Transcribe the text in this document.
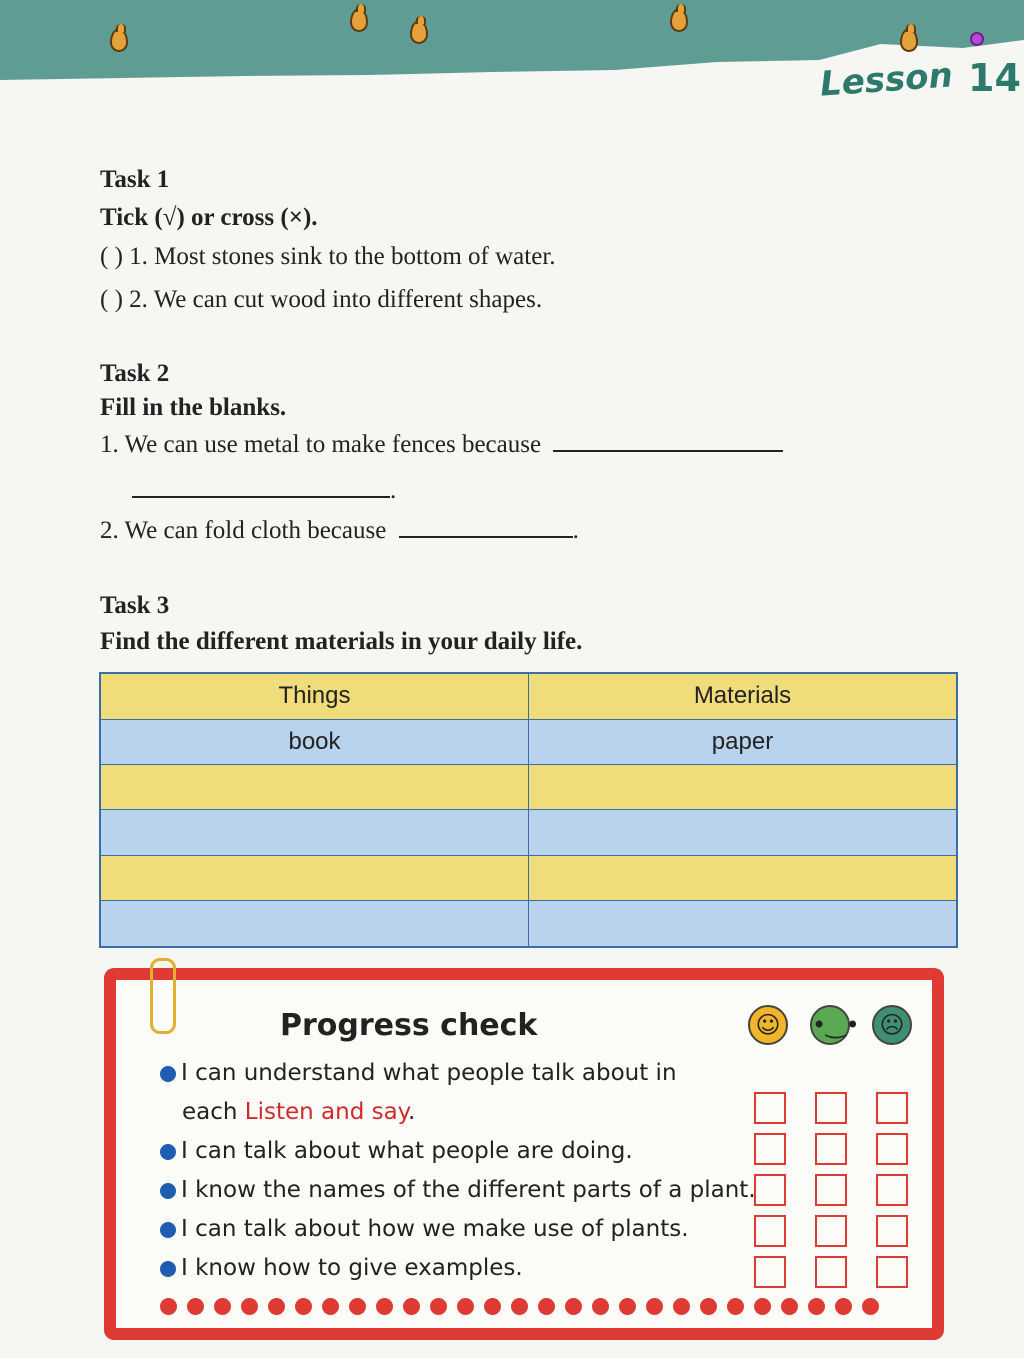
Lesson 14
Task 1
Tick (√) or cross (×).
( ) 1. Most stones sink to the bottom of water.
( ) 2. We can cut wood into different shapes.
Task 2
Fill in the blanks.
1. We can use metal to make fences because
.
2. We can fold cloth because	.
Task 3
Find the different materials in your daily life.
Things	Materials
book	paper

Progress check	☺	•‿• ☹
I can understand what people talk about in
each Listen and say.
I can talk about what people are doing.
I know the names of the different parts of a plant.
I can talk about how we make use of plants.
I know how to give examples.
